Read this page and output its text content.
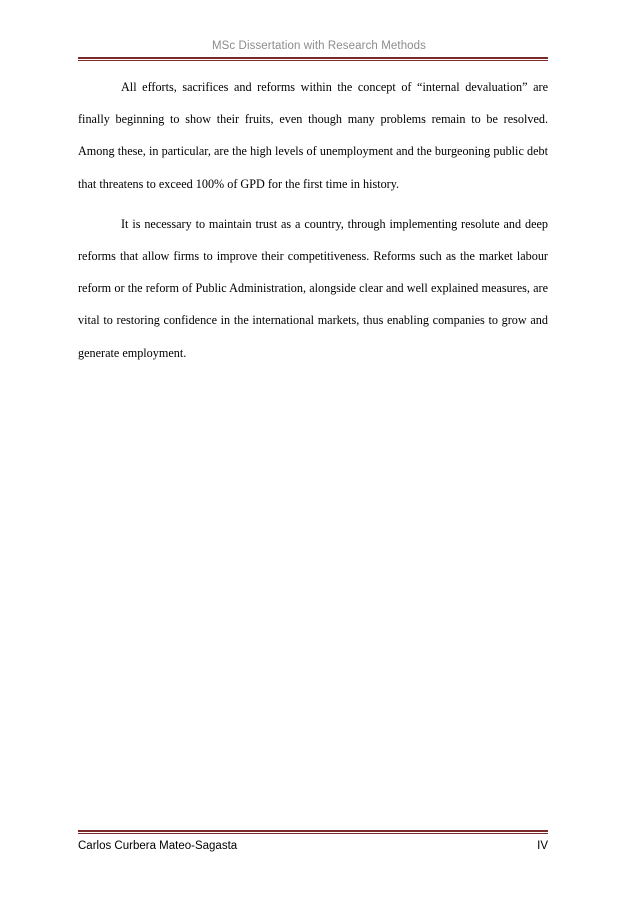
MSc Dissertation with Research Methods

All efforts, sacrifices and reforms within the concept of “internal devaluation” are finally beginning to show their fruits, even though many problems remain to be resolved. Among these, in particular, are the high levels of unemployment and the burgeoning public debt that threatens to exceed 100% of GPD for the first time in history.

It is necessary to maintain trust as a country, through implementing resolute and deep reforms that allow firms to improve their competitiveness. Reforms such as the market labour reform or the reform of Public Administration, alongside clear and well explained measures, are vital to restoring confidence in the international markets, thus enabling companies to grow and generate employment.

Carlos Curbera Mateo-Sagasta	IV
